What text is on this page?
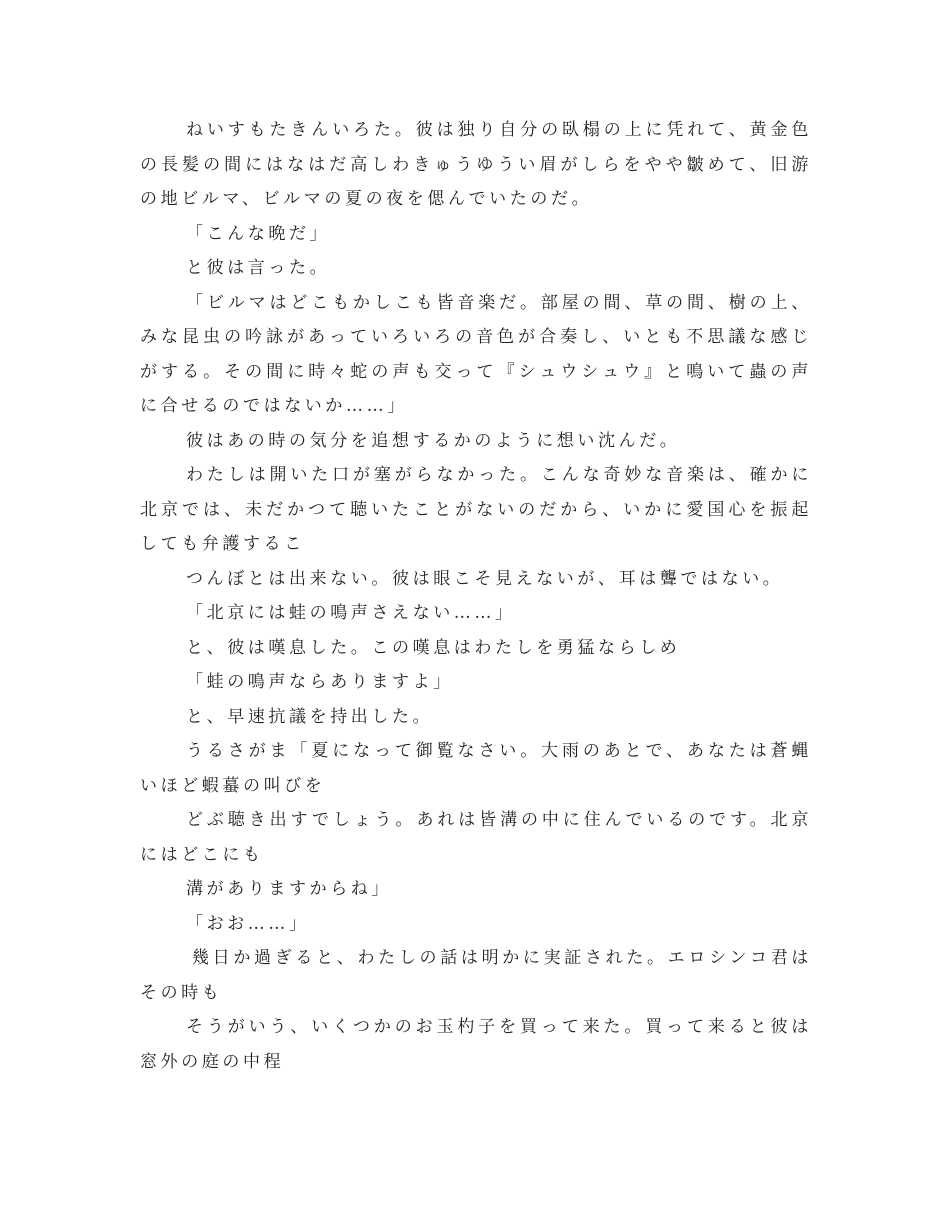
ねいすもたきんいろた。彼は独り自分の臥榻の上に凭れて、黄金色の長髪の間にはなはだ高しわきゅうゆうい眉がしらをやや皺めて、旧游の地ビルマ、ビルマの夏の夜を偲んでいたのだ。

「こんな晩だ」

と彼は言った。

「ビルマはどこもかしこも皆音楽だ。部屋の間、草の間、樹の上、みな昆虫の吟詠があっていろいろの音色が合奏し、いとも不思議な感じがする。その間に時々蛇の声も交って『シュウシュウ』と鳴いて蟲の声に合せるのではないか……」

彼はあの時の気分を追想するかのように想い沈んだ。

わたしは開いた口が塞がらなかった。こんな奇妙な音楽は、確かに北京では、未だかつて聴いたことがないのだから、いかに愛国心を振起しても弁護するこ

つんぼとは出来ない。彼は眼こそ見えないが、耳は聾ではない。

「北京には蛙の鳴声さえない……」

と、彼は嘆息した。この嘆息はわたしを勇猛ならしめ

「蛙の鳴声ならありますよ」

と、早速抗議を持出した。

うるさがま「夏になって御覧なさい。大雨のあとで、あなたは蒼蝿いほど蝦蟇の叫びを

どぶ聴き出すでしょう。あれは皆溝の中に住んでいるのです。北京にはどこにも

溝がありますからね」

「おお……」

幾日か過ぎると、わたしの話は明かに実証された。エロシンコ君はその時も

そうがいう、いくつかのお玉杓子を買って来た。買って来ると彼は窓外の庭の中程
